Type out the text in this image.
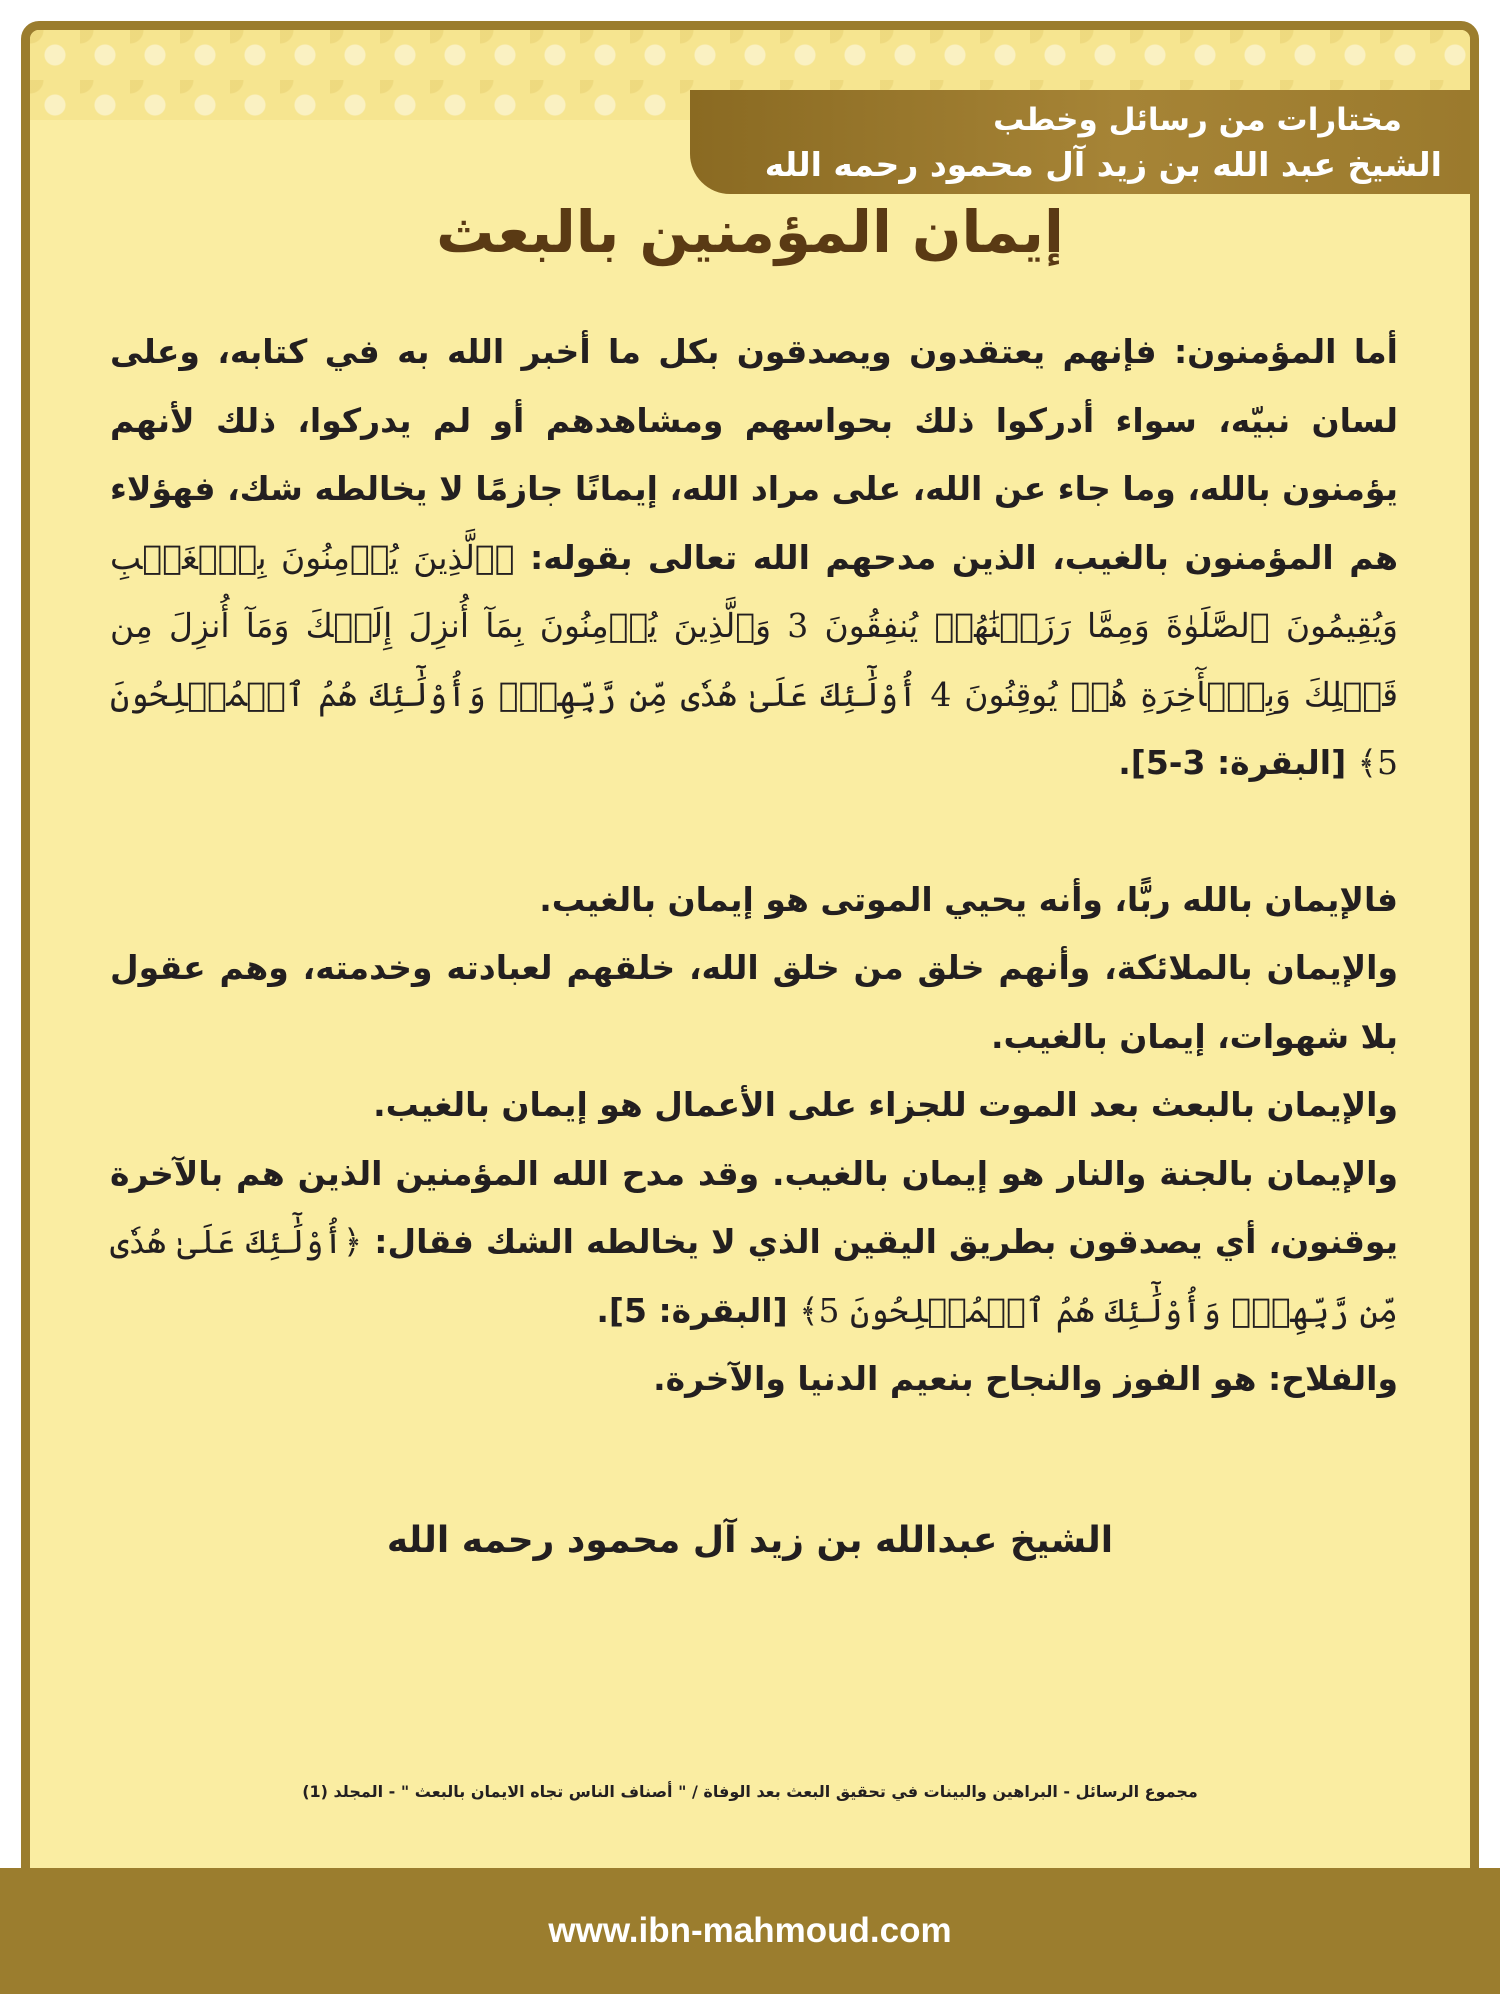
مختارات من رسائل وخطب
الشيخ عبد الله بن زيد آل محمود رحمه الله
إيمان المؤمنين بالبعث

أما المؤمنون: فإنهم يعتقدون ويصدقون بكل ما أخبر الله به في كتابه، وعلى لسان نبيّه، سواء أدركوا ذلك بحواسهم ومشاهدهم أو لم يدركوا، ذلك لأنهم يؤمنون بالله، وما جاء عن الله، على مراد الله، إيمانًا جازمًا لا يخالطه شك، فهؤلاء هم المؤمنون بالغيب، الذين مدحهم الله تعالى بقوله: ﴿ٱلَّذِينَ يُؤۡمِنُونَ بِٱلۡغَيۡبِ وَيُقِيمُونَ ٱلصَّلَوٰةَ وَمِمَّا رَزَقۡنَٰهُمۡ يُنفِقُونَ 3 وَٱلَّذِينَ يُؤۡمِنُونَ بِمَآ أُنزِلَ إِلَيۡكَ وَمَآ أُنزِلَ مِن قَبۡلِكَ وَبِٱلۡأٓخِرَةِ هُمۡ يُوقِنُونَ 4 أُوْلَٰٓئِكَ عَلَىٰ هُدٗى مِّن رَّبِّهِمۡۖ وَأُوْلَٰٓئِكَ هُمُ ٱلۡمُفۡلِحُونَ 5﴾ [البقرة: 3-5].

فالإيمان بالله ربًّا، وأنه يحيي الموتى هو إيمان بالغيب.

والإيمان بالملائكة، وأنهم خلق من خلق الله، خلقهم لعبادته وخدمته، وهم عقول بلا شهوات، إيمان بالغيب.

والإيمان بالبعث بعد الموت للجزاء على الأعمال هو إيمان بالغيب.

والإيمان بالجنة والنار هو إيمان بالغيب. وقد مدح الله المؤمنين الذين هم بالآخرة يوقنون، أي يصدقون بطريق اليقين الذي لا يخالطه الشك فقال: ﴿أُوْلَٰٓئِكَ عَلَىٰ هُدٗى مِّن رَّبِّهِمۡۖ وَأُوْلَٰٓئِكَ هُمُ ٱلۡمُفۡلِحُونَ 5﴾ [البقرة: 5].

والفلاح: هو الفوز والنجاح بنعيم الدنيا والآخرة.

الشيخ عبدالله بن زيد آل محمود رحمه الله
مجموع الرسائل - البراهين والبينات في تحقيق البعث بعد الوفاة / " أصناف الناس تجاه الايمان بالبعث " - المجلد (1)
www.ibn-mahmoud.com
